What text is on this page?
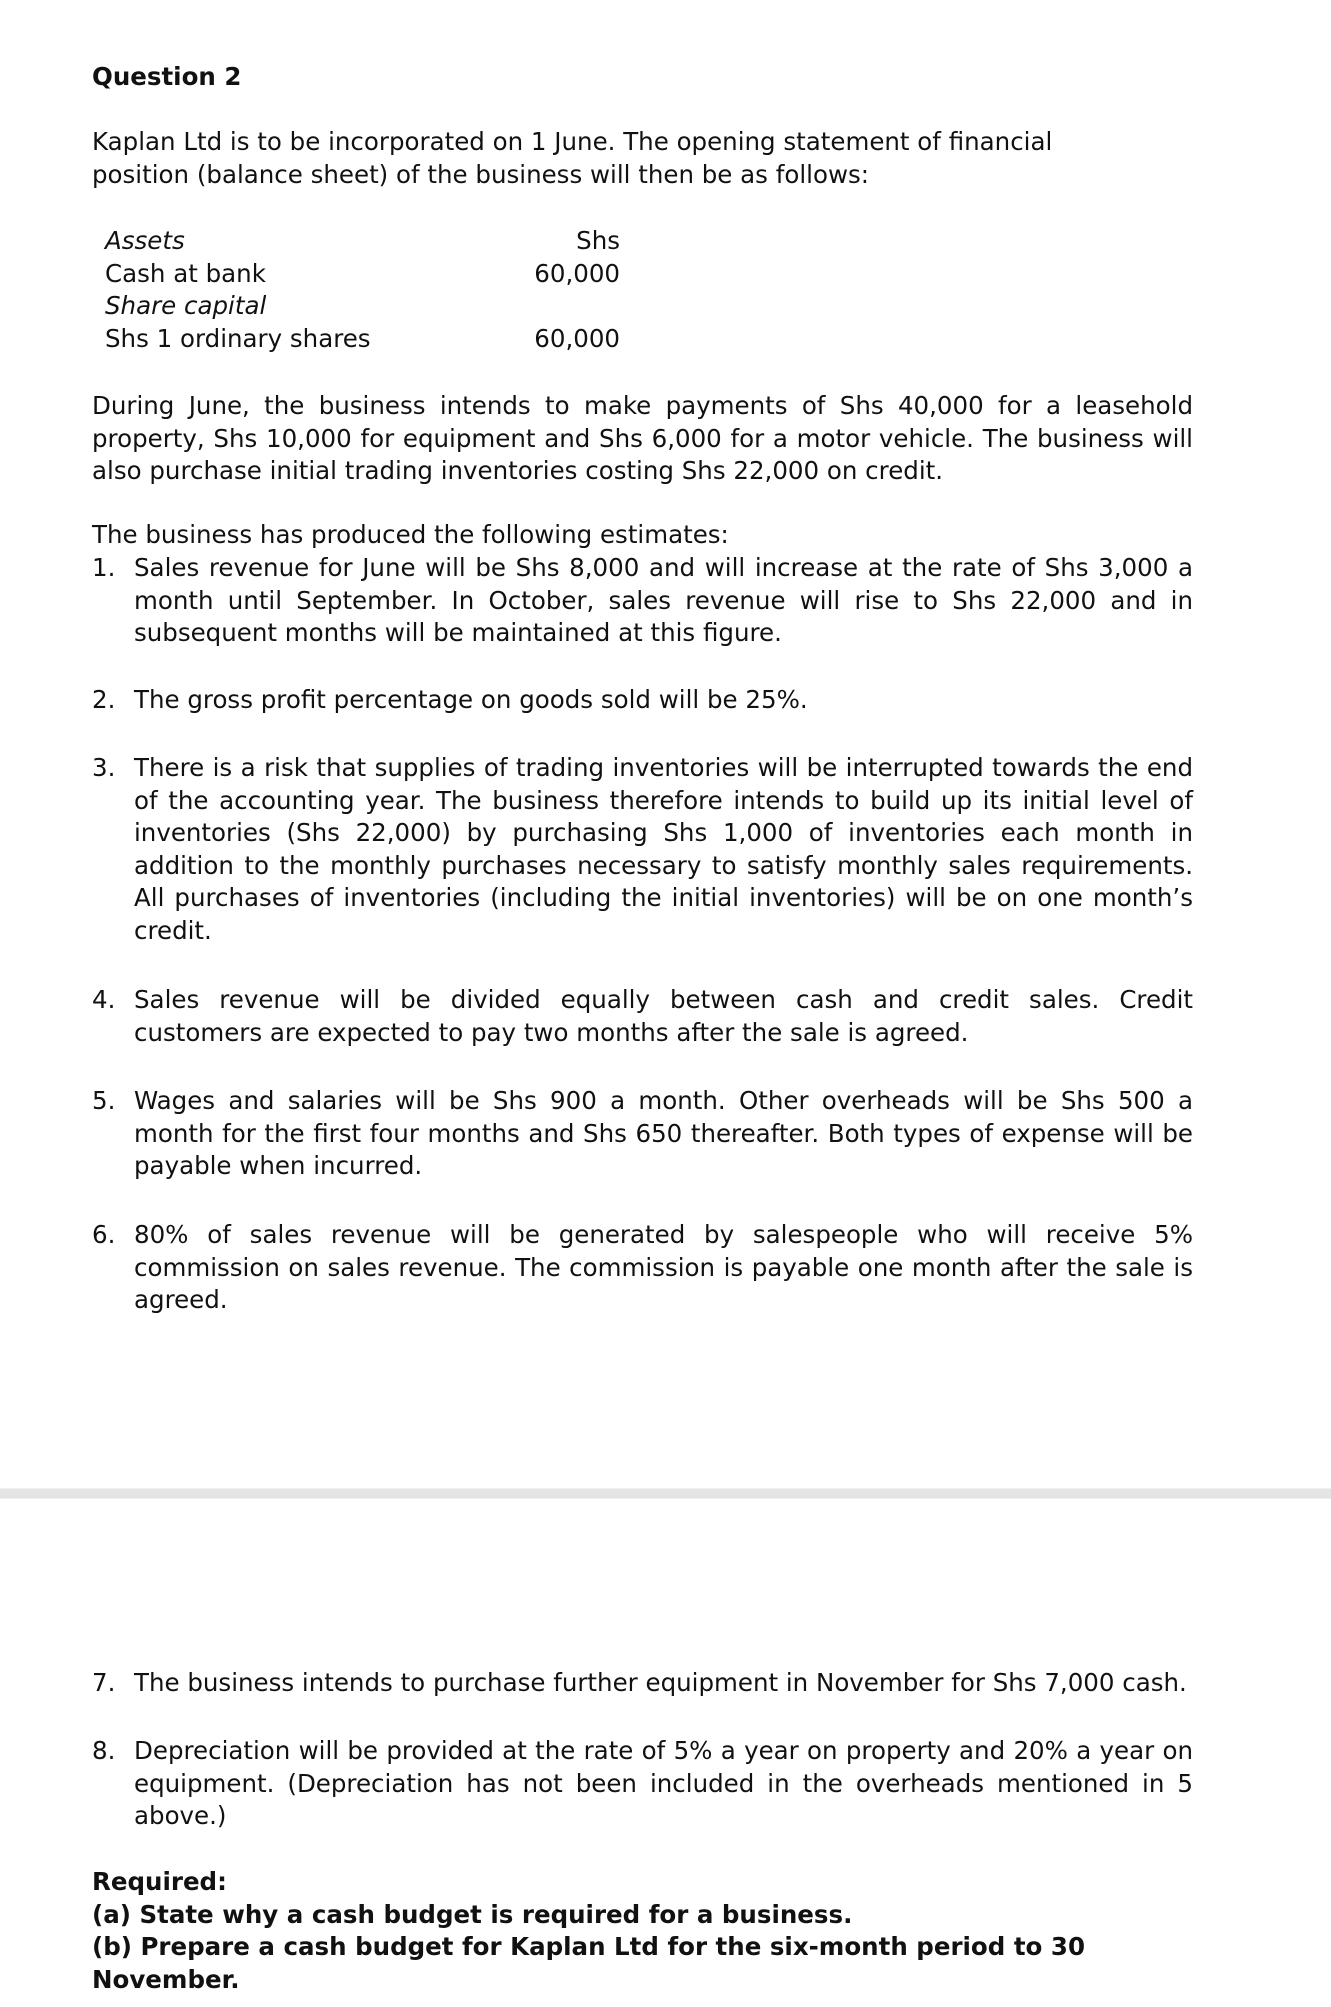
Question 2
Kaplan Ltd is to be incorporated on 1 June. The opening statement of financial position (balance sheet) of the business will then be as follows:
Assets	Shs
Cash at bank	60,000
Share capital
Shs 1 ordinary shares	60,000
During June, the business intends to make payments of Shs 40,000 for a leasehold property, Shs 10,000 for equipment and Shs 6,000 for a motor vehicle. The business will also purchase initial trading inventories costing Shs 22,000 on credit.
The business has produced the following estimates:
1. Sales revenue for June will be Shs 8,000 and will increase at the rate of Shs 3,000 a month until September. In October, sales revenue will rise to Shs 22,000 and in subsequent months will be maintained at this figure.
2. The gross profit percentage on goods sold will be 25%.
3. There is a risk that supplies of trading inventories will be interrupted towards the end of the accounting year. The business therefore intends to build up its initial level of inventories (Shs 22,000) by purchasing Shs 1,000 of inventories each month in addition to the monthly purchases necessary to satisfy monthly sales requirements. All purchases of inventories (including the initial inventories) will be on one month’s credit.
4. Sales revenue will be divided equally between cash and credit sales. Credit customers are expected to pay two months after the sale is agreed.
5. Wages and salaries will be Shs 900 a month. Other overheads will be Shs 500 a month for the first four months and Shs 650 thereafter. Both types of expense will be payable when incurred.
6. 80% of sales revenue will be generated by salespeople who will receive 5% commission on sales revenue. The commission is payable one month after the sale is agreed.
7. The business intends to purchase further equipment in November for Shs 7,000 cash.
8. Depreciation will be provided at the rate of 5% a year on property and 20% a year on equipment. (Depreciation has not been included in the overheads mentioned in 5 above.)
Required:
(a) State why a cash budget is required for a business.
(b) Prepare a cash budget for Kaplan Ltd for the six-month period to 30 November.
